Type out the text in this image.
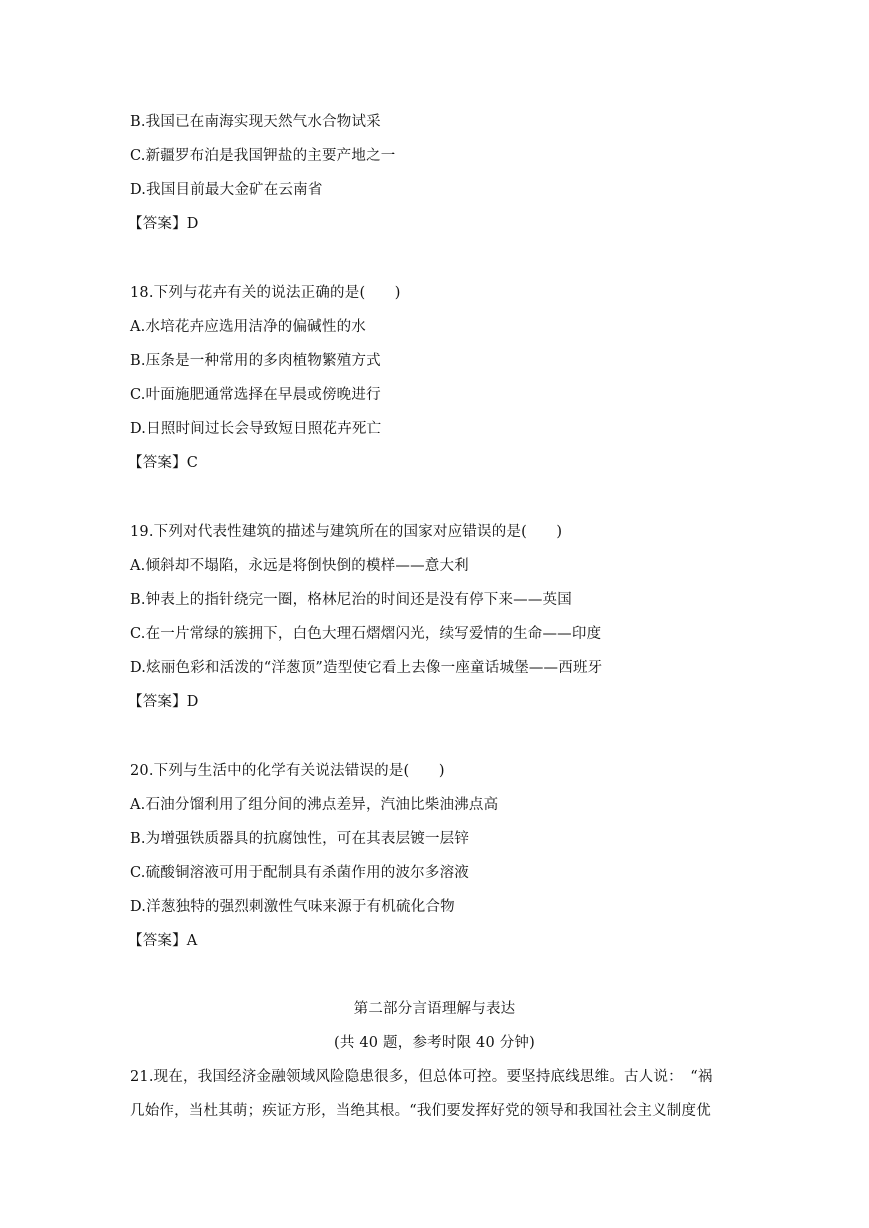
B.我国已在南海实现天然气水合物试采
C.新疆罗布泊是我国钾盐的主要产地之一
D.我国目前最大金矿在云南省
【答案】D
18.下列与花卉有关的说法正确的是(　　)
A.水培花卉应选用洁净的偏碱性的水
B.压条是一种常用的多肉植物繁殖方式
C.叶面施肥通常选择在早晨或傍晚进行
D.日照时间过长会导致短日照花卉死亡
【答案】C
19.下列对代表性建筑的描述与建筑所在的国家对应错误的是(　　)
A.倾斜却不塌陷，永远是将倒快倒的模样——意大利
B.钟表上的指针绕完一圈，格林尼治的时间还是没有停下来——英国
C.在一片常绿的簇拥下，白色大理石熠熠闪光，续写爱情的生命——印度
D.炫丽色彩和活泼的“洋葱顶”造型使它看上去像一座童话城堡——西班牙
【答案】D
20.下列与生活中的化学有关说法错误的是(　　)
A.石油分馏利用了组分间的沸点差异，汽油比柴油沸点高
B.为增强铁质器具的抗腐蚀性，可在其表层镀一层锌
C.硫酸铜溶液可用于配制具有杀菌作用的波尔多溶液
D.洋葱独特的强烈刺激性气味来源于有机硫化合物
【答案】A
第二部分言语理解与表达
(共 40 题，参考时限 40 分钟)
21.现在，我国经济金融领域风险隐患很多，但总体可控。要坚持底线思维。古人说：　“祸
几始作，当杜其萌；疾证方形，当绝其根。“我们要发挥好党的领导和我国社会主义制度优
